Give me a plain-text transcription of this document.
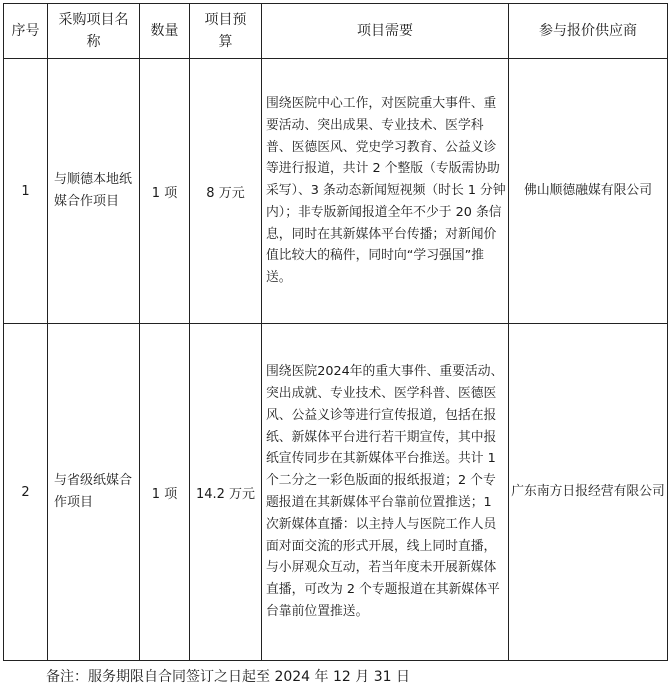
序号	采购项目名称	数量	项目预算	项目需要	参与报价供应商
1	与顺德本地纸媒合作项目	1 项	8 万元	围绕医院中心工作，对医院重大事件、重要活动、突出成果、专业技术、医学科普、医德医风、党史学习教育、公益义诊等进行报道，共计 2 个整版（专版需协助采写）、3 条动态新闻短视频（时长 1 分钟内）；非专版新闻报道全年不少于 20 条信息，同时在其新媒体平台传播；对新闻价值比较大的稿件，同时向“学习强国”推送。	佛山顺德融媒有限公司
2	与省级纸媒合作项目	1 项	14.2 万元	围绕医院2024年的重大事件、重要活动、突出成就、专业技术、医学科普、医德医风、公益义诊等进行宣传报道，包括在报纸、新媒体平台进行若干期宣传，其中报纸宣传同步在其新媒体平台推送。共计 1 个二分之一彩色版面的报纸报道；2 个专题报道在其新媒体平台靠前位置推送；1 次新媒体直播：以主持人与医院工作人员面对面交流的形式开展，线上同时直播，与小屏观众互动，若当年度未开展新媒体直播，可改为 2 个专题报道在其新媒体平台靠前位置推送。	广东南方日报经营有限公司
备注：服务期限自合同签订之日起至 2024 年 12 月 31 日
